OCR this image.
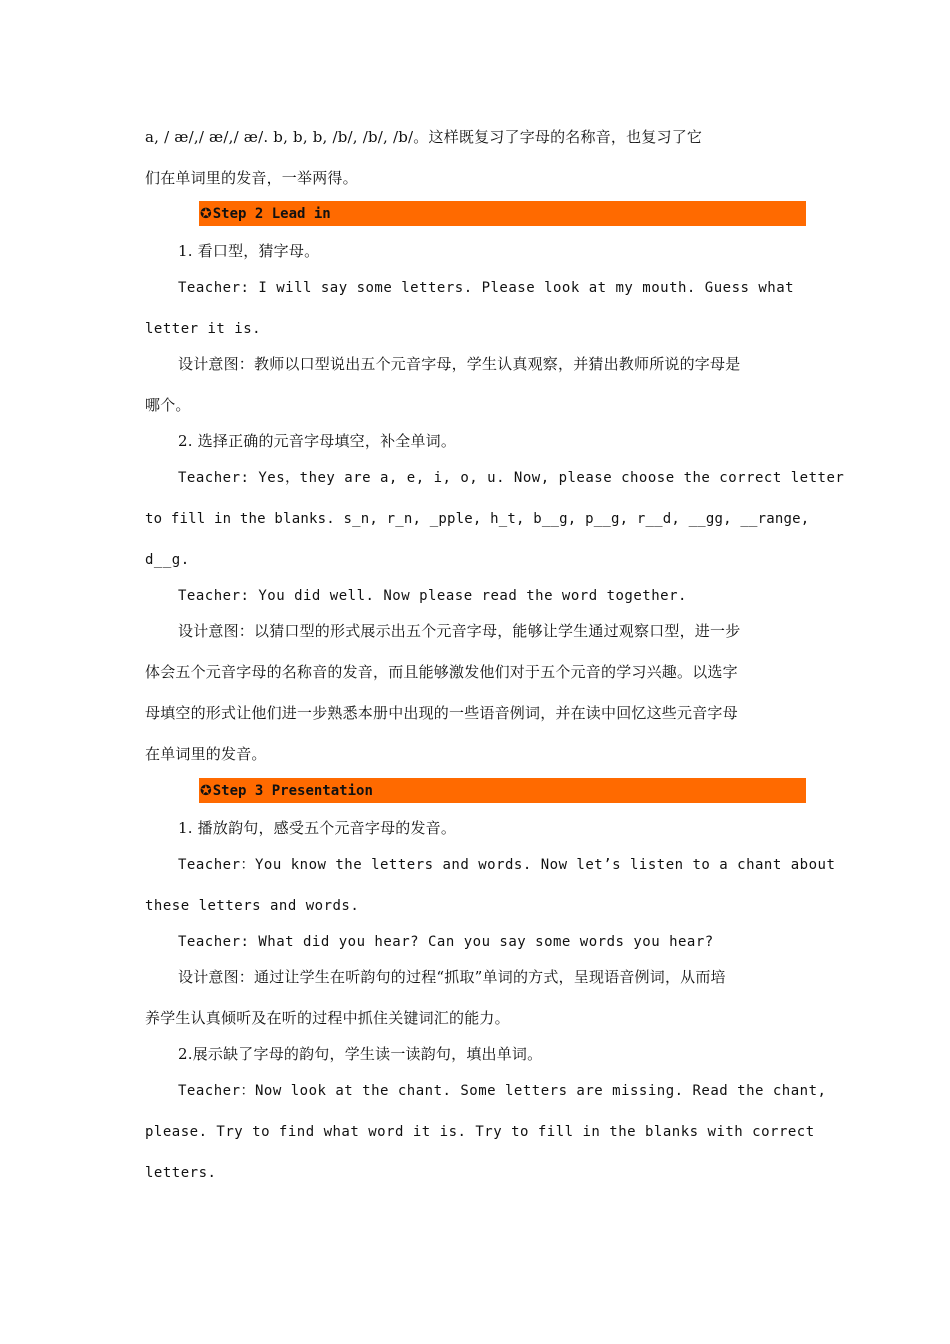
a, / æ/,/ æ/,/ æ/. b, b, b, /b/, /b/, /b/。这样既复习了字母的名称音，也复习了它
们在单词里的发音，一举两得。
✪ Step 2 Lead in
1. 看口型，猜字母。
Teacher: I will say some letters. Please look at my mouth. Guess what
letter it is.
设计意图：教师以口型说出五个元音字母，学生认真观察，并猜出教师所说的字母是
哪个。
2. 选择正确的元音字母填空，补全单词。
Teacher: Yes，they are a, e, i, o, u. Now, please choose the correct letter
to fill in the blanks. s_n, r_n, _pple, h_t, b__g, p__g, r__d, __gg, __range,
d__g.
Teacher: You did well. Now please read the word together.
设计意图：以猜口型的形式展示出五个元音字母，能够让学生通过观察口型，进一步
体会五个元音字母的名称音的发音，而且能够激发他们对于五个元音的学习兴趣。以选字
母填空的形式让他们进一步熟悉本册中出现的一些语音例词，并在读中回忆这些元音字母
在单词里的发音。
✪ Step 3 Presentation
1. 播放韵句，感受五个元音字母的发音。
Teacher：You know the letters and words. Now let’s listen to a chant about
these letters and words.
Teacher: What did you hear? Can you say some words you hear?
设计意图：通过让学生在听韵句的过程“抓取”单词的方式，呈现语音例词，从而培
养学生认真倾听及在听的过程中抓住关键词汇的能力。
2.展示缺了字母的韵句，学生读一读韵句，填出单词。
Teacher：Now look at the chant. Some letters are missing. Read the chant,
please. Try to find what word it is. Try to fill in the blanks with correct
letters.
